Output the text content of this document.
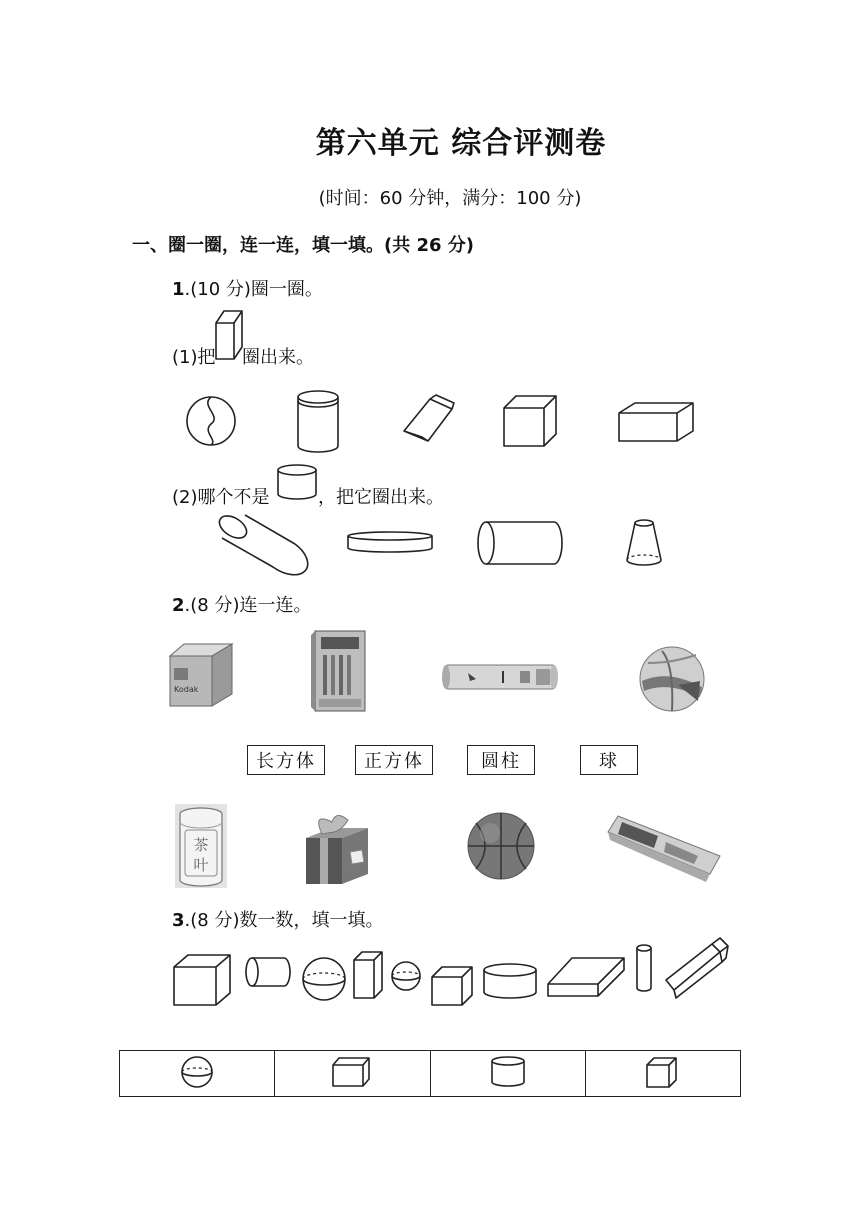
第六单元 综合评测卷
(时间：60 分钟，满分：100 分)
一、圈一圈，连一连，填一填。(共 26 分)
1.(10 分)圈一圈。
(1)把 圈出来。
(2)哪个不是	，把它圈出来。
2.(8 分)连一连。
Kodak
长方体	正方体	圆柱	球
茶
叶
3.(8 分)数一数，填一填。
